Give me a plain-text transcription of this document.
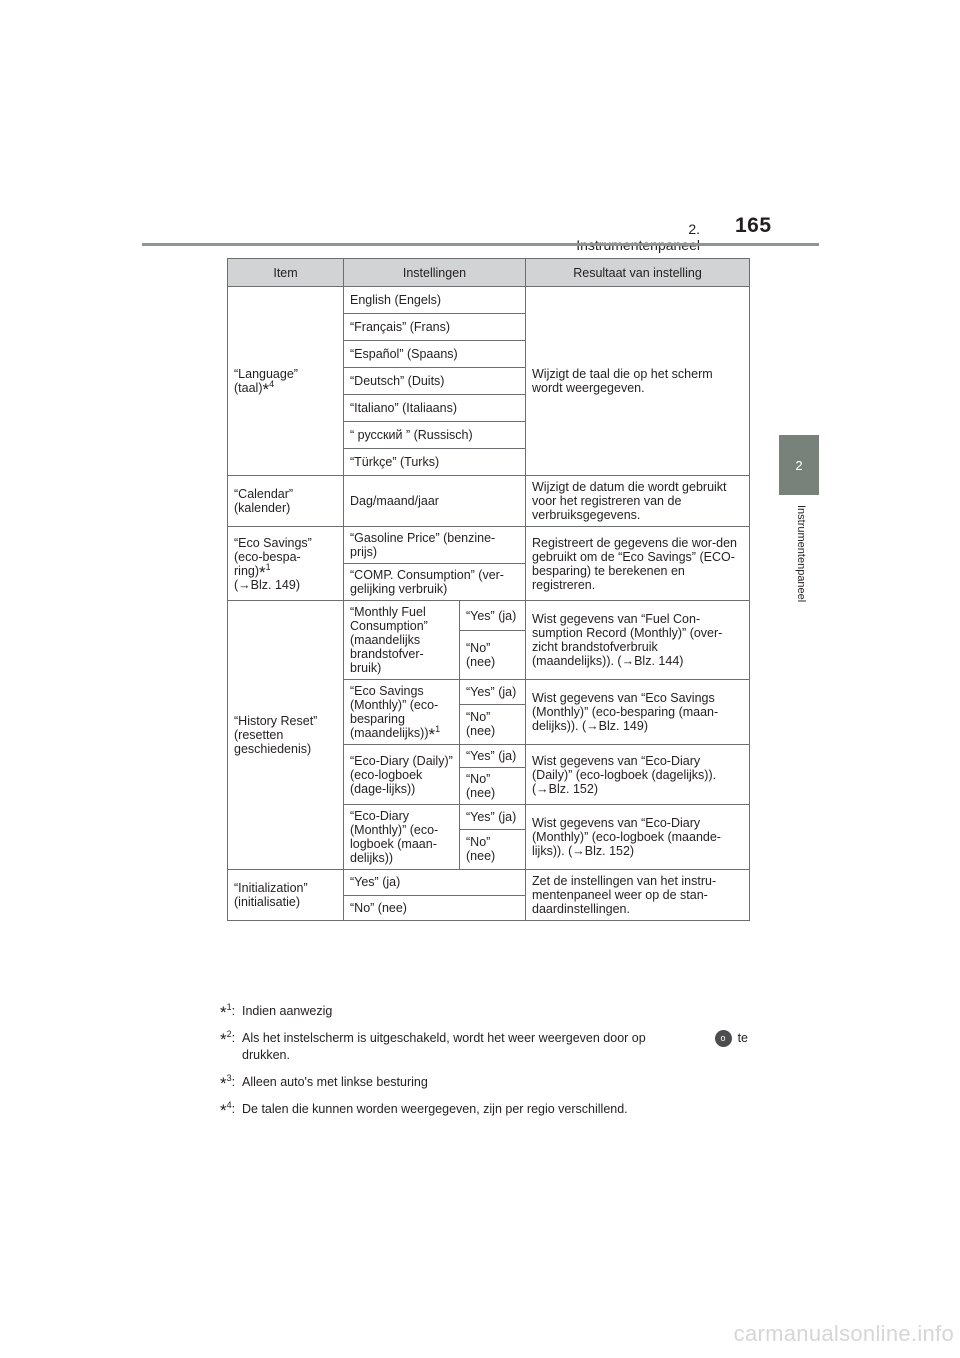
2. 165
2
Instrumentenpaneel
Item	Instellingen		Resultaat van instelling
“Language” (taal)*$^4$	English (Engels)		Wijzigt de taal die op het scherm wordt weergegeven.
	“Français” (Frans)		
	“Español” (Spaans)		
	“Deutsch” (Duits)		
	“Italiano” (Italiaans)		
	“ русский ” (Russisch)		
	“Türkçe” (Turks)		
“Calendar” (kalender)	Dag/maand/jaar		Wijzigt de datum die wordt gebruikt voor het registreren van de verbruiksgegevens.
“Eco Savings” (eco-bespa-ring)*$^1$
(→Blz. 149)	“Gasoline Price” (benzine-prijs)		Registreert de gegevens die wor-den gebruikt om de “Eco Savings” (ECO-besparing) te berekenen en registreren.
	“COMP. Consumption” (ver-gelijking verbruik)		
“History Reset” (resetten geschiedenis)	“Monthly Fuel Consumption” (maandelijks brandstofver-bruik)	“Yes” (ja)	Wist gegevens van “Fuel Con-sumption Record (Monthly)” (over-zicht brandstofverbruik (maandelijks)). (→Blz. 144)
		“No” (nee)	
	“Eco Savings (Monthly)” (eco-besparing (maandelijks))*$^1$	“Yes” (ja)	Wist gegevens van “Eco Savings (Monthly)” (eco-besparing (maan-delijks)). (→Blz. 149)
		“No” (nee)	
	“Eco-Diary (Daily)” (eco-logboek (dage-lijks))	“Yes” (ja)	Wist gegevens van “Eco-Diary (Daily)” (eco-logboek (dagelijks)). (→Blz. 152)
		“No” (nee)	
	“Eco-Diary (Monthly)” (eco-logboek (maan-delijks))	“Yes” (ja)	Wist gegevens van “Eco-Diary (Monthly)” (eco-logboek (maande-lijks)). (→Blz. 152)
		“No” (nee)	
“Initialization” (initialisatie)	“Yes” (ja)		Zet de instellingen van het instru-mentenpaneel weer op de stan-daardinstellingen.
	“No” (nee)		
*$^1$: Indien aanwezig
*$^2$: Als het instelscherm is uitgeschakeld, wordt het weer weergeven door op	o te
drukken.
*$^3$: Alleen auto's met linkse besturing
*$^4$: De talen die kunnen worden weergegeven, zijn per regio verschillend.
carmanualsonline.info
